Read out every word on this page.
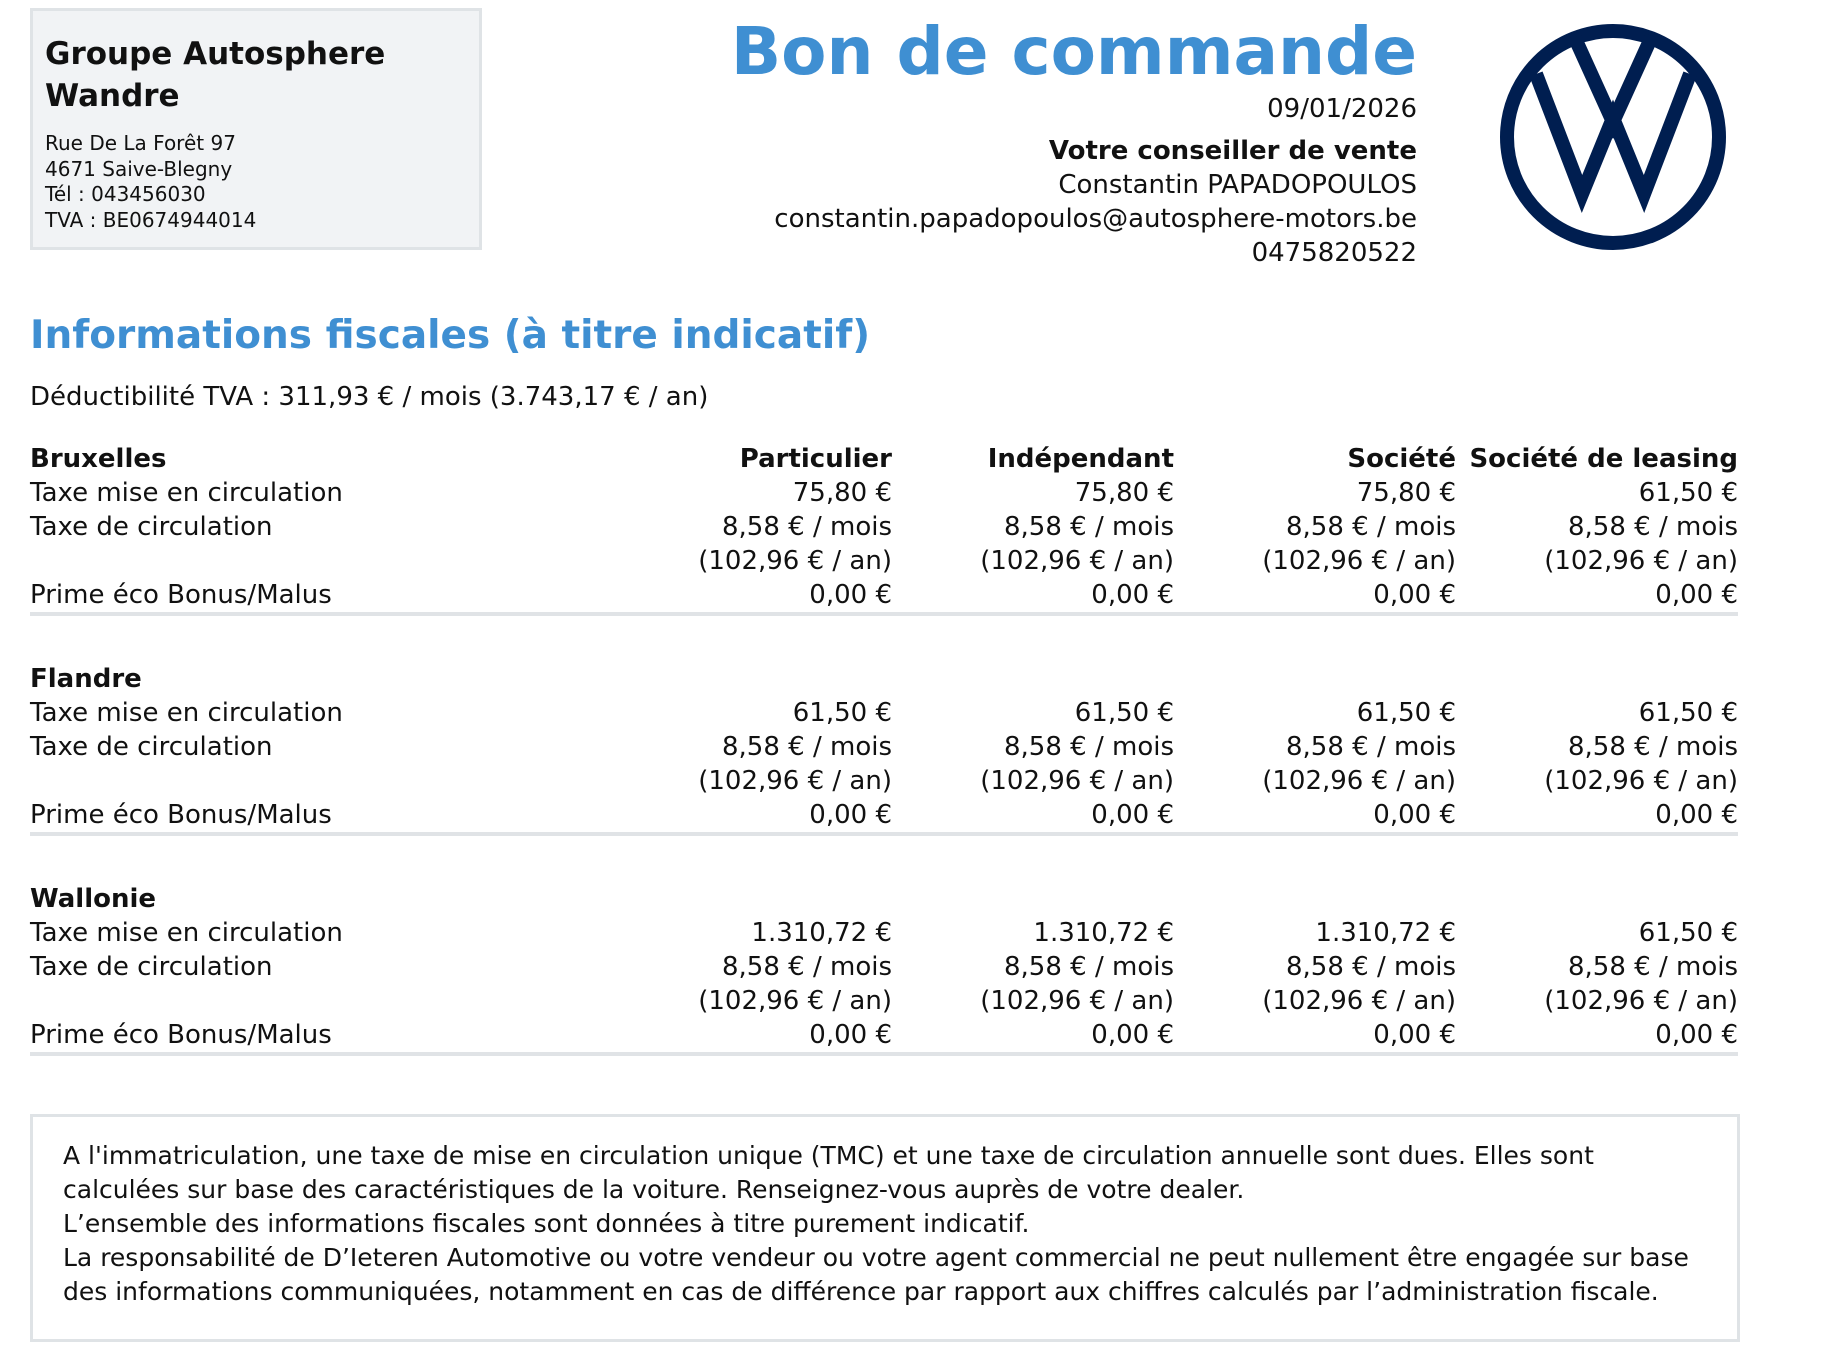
Groupe Autosphere
Wandre
Rue De La Forêt 97
4671 Saive-Blegny
Tél : 043456030
TVA : BE0674944014
Bon de commande
09/01/2026
Votre conseiller de vente
Constantin PAPADOPOULOS
constantin.papadopoulos@autosphere-motors.be
0475820522
Informations fiscales (à titre indicatif)
Déductibilité TVA : 311,93 € / mois (3.743,17 € / an)
Bruxelles	Particulier	Indépendant	Société	Société de leasing
Taxe mise en circulation	75,80 €	75,80 €	75,80 €	61,50 €
Taxe de circulation	8,58 € / mois	8,58 € / mois	8,58 € / mois	8,58 € / mois
	(102,96 € / an)	(102,96 € / an)	(102,96 € / an)	(102,96 € / an)
Prime éco Bonus/Malus	0,00 €	0,00 €	0,00 €	0,00 €

Flandre				
Taxe mise en circulation	61,50 €	61,50 €	61,50 €	61,50 €
Taxe de circulation	8,58 € / mois	8,58 € / mois	8,58 € / mois	8,58 € / mois
	(102,96 € / an)	(102,96 € / an)	(102,96 € / an)	(102,96 € / an)
Prime éco Bonus/Malus	0,00 €	0,00 €	0,00 €	0,00 €

Wallonie				
Taxe mise en circulation	1.310,72 €	1.310,72 €	1.310,72 €	61,50 €
Taxe de circulation	8,58 € / mois	8,58 € / mois	8,58 € / mois	8,58 € / mois
	(102,96 € / an)	(102,96 € / an)	(102,96 € / an)	(102,96 € / an)
Prime éco Bonus/Malus	0,00 €	0,00 €	0,00 €	0,00 €

A l'immatriculation, une taxe de mise en circulation unique (TMC) et une taxe de circulation annuelle sont dues. Elles sont calculées sur base des caractéristiques de la voiture. Renseignez-vous auprès de votre dealer.

L’ensemble des informations fiscales sont données à titre purement indicatif.

La responsabilité de D’Ieteren Automotive ou votre vendeur ou votre agent commercial ne peut nullement être engagée sur base des informations communiquées, notamment en cas de différence par rapport aux chiffres calculés par l’administration fiscale.
